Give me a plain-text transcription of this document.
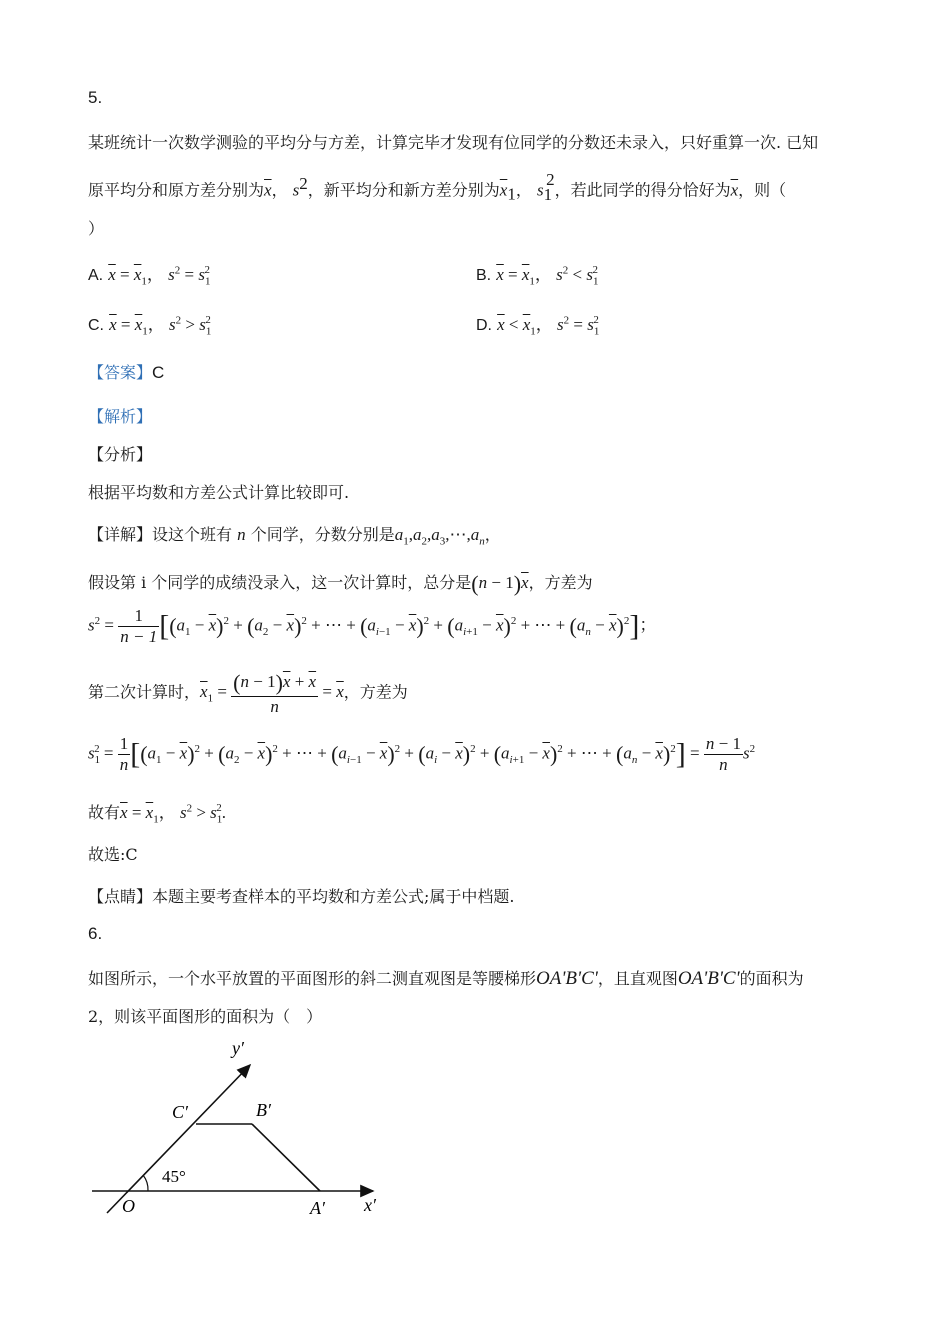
5.
某班统计一次数学测验的平均分与方差，计算完毕才发现有位同学的分数还未录入，只好重算一次. 已知
原平均分和原方差分别为$\overline{x}$， $s^2$，新平均分和新方差分别为$\overline{x}_1$， $s_1^2$，若此同学的得分恰好为$\overline{x}$，则（
）
A. $\overline{x} = \overline{x}_1$， $s^2 = s_1^2$	B. $\overline{x} = \overline{x}_1$， $s^2 < s_1^2$
C. $\overline{x} = \overline{x}_1$， $s^2 > s_1^2$	D. $\overline{x} < \overline{x}_1$， $s^2 = s_1^2$
【答案】C
【解析】
【分析】
根据平均数和方差公式计算比较即可.
【详解】设这个班有 n 个同学，分数分别是$a_1,a_2,a_3,\cdots,a_n$，
假设第 i 个同学的成绩没录入，这一次计算时，总分是$(n - 1)\overline{x}$，方差为
$s^2 = \frac{1}{n - 1} [(a_1 - \overline{x})^2 + (a_2 - \overline{x})^2$ + ⋯ + $(a_{i-1} - \overline{x})^2 + (a_{i+1} - \overline{x})^2$ + ⋯ + $(a_n - \overline{x})^2$]；
第二次计算时，$\overline{x}_1 = \frac{(n - 1)\overline{x} + \overline{x}}{n} = \overline{x}$，方差为
$s_1^2 = \frac{1}{n} [(a_1 - \overline{x})^2 + (a_2 - \overline{x})^2$ + ⋯ + $(a_{i-1} - \overline{x})^2 + (a_i - \overline{x})^2 + (a_{i+1} - \overline{x})^2$ + ⋯ + $(a_n - \overline{x})^2] = \frac{n - 1}{n} s^2$
故有$\overline{x} = \overline{x}_1$， $s^2 > s_1^2$.
故选:C
【点睛】本题主要考查样本的平均数和方差公式;属于中档题.
6.
如图所示，一个水平放置的平面图形的斜二测直观图是等腰梯形OA'B'C'，且直观图OA'B'C'的面积为
2，则该平面图形的面积为（　）
45°
y′
x′
O	A′
B′
C′
